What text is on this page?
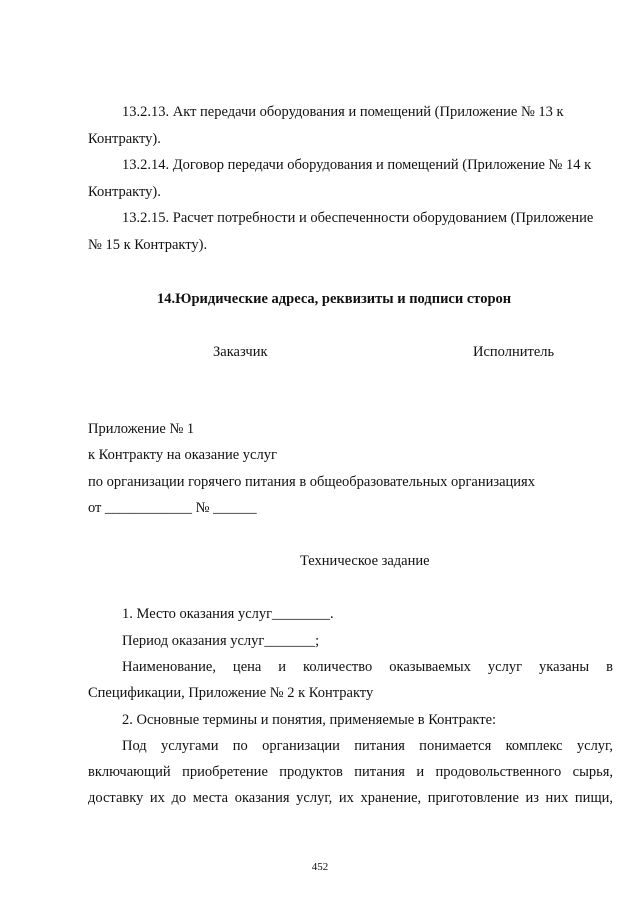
13.2.13. Акт передачи оборудования и помещений (Приложение № 13 к
Контракту).
13.2.14. Договор передачи оборудования и помещений (Приложение № 14 к
Контракту).
13.2.15. Расчет потребности и обеспеченности оборудованием (Приложение
№ 15 к Контракту).
14.Юридические адреса, реквизиты и подписи сторон
Заказчик	Исполнитель
Приложение № 1
к Контракту на оказание услуг
по организации горячего питания в общеобразовательных организациях
от ____________ № ______
Техническое задание
1. Место оказания услуг________.
Период оказания услуг_______;
Наименование, цена и количество оказываемых услуг указаны в
Спецификации, Приложение № 2 к Контракту
2. Основные термины и понятия, применяемые в Контракте:
Под услугами по организации питания понимается комплекс услуг,
включающий приобретение продуктов питания и продовольственного сырья,
доставку их до места оказания услуг, их хранение, приготовление из них пищи,
452
